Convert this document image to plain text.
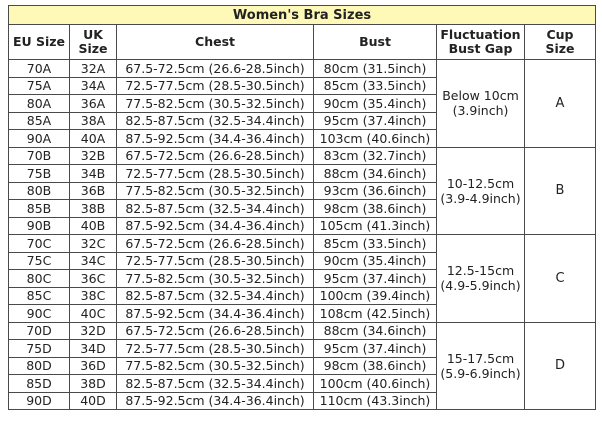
Women's Bra Sizes					
EU Size	UK Size	Chest	Bust	Fluctuation Bust Gap	Cup Size
70A	32A	67.5-72.5cm (26.6-28.5inch)	80cm (31.5inch)	Below 10cm (3.9inch)	A
75A	34A	72.5-77.5cm (28.5-30.5inch)	85cm (33.5inch)		
80A	36A	77.5-82.5cm (30.5-32.5inch)	90cm (35.4inch)		
85A	38A	82.5-87.5cm (32.5-34.4inch)	95cm (37.4inch)		
90A	40A	87.5-92.5cm (34.4-36.4inch)	103cm (40.6inch)		
70B	32B	67.5-72.5cm (26.6-28.5inch)	83cm (32.7inch)	10-12.5cm (3.9-4.9inch)	B
75B	34B	72.5-77.5cm (28.5-30.5inch)	88cm (34.6inch)		
80B	36B	77.5-82.5cm (30.5-32.5inch)	93cm (36.6inch)		
85B	38B	82.5-87.5cm (32.5-34.4inch)	98cm (38.6inch)		
90B	40B	87.5-92.5cm (34.4-36.4inch)	105cm (41.3inch)		
70C	32C	67.5-72.5cm (26.6-28.5inch)	85cm (33.5inch)	12.5-15cm (4.9-5.9inch)	C
75C	34C	72.5-77.5cm (28.5-30.5inch)	90cm (35.4inch)		
80C	36C	77.5-82.5cm (30.5-32.5inch)	95cm (37.4inch)		
85C	38C	82.5-87.5cm (32.5-34.4inch)	100cm (39.4inch)		
90C	40C	87.5-92.5cm (34.4-36.4inch)	108cm (42.5inch)		
70D	32D	67.5-72.5cm (26.6-28.5inch)	88cm (34.6inch)	15-17.5cm (5.9-6.9inch)	D
75D	34D	72.5-77.5cm (28.5-30.5inch)	95cm (37.4inch)		
80D	36D	77.5-82.5cm (30.5-32.5inch)	98cm (38.6inch)		
85D	38D	82.5-87.5cm (32.5-34.4inch)	100cm (40.6inch)		
90D	40D	87.5-92.5cm (34.4-36.4inch)	110cm (43.3inch)		
